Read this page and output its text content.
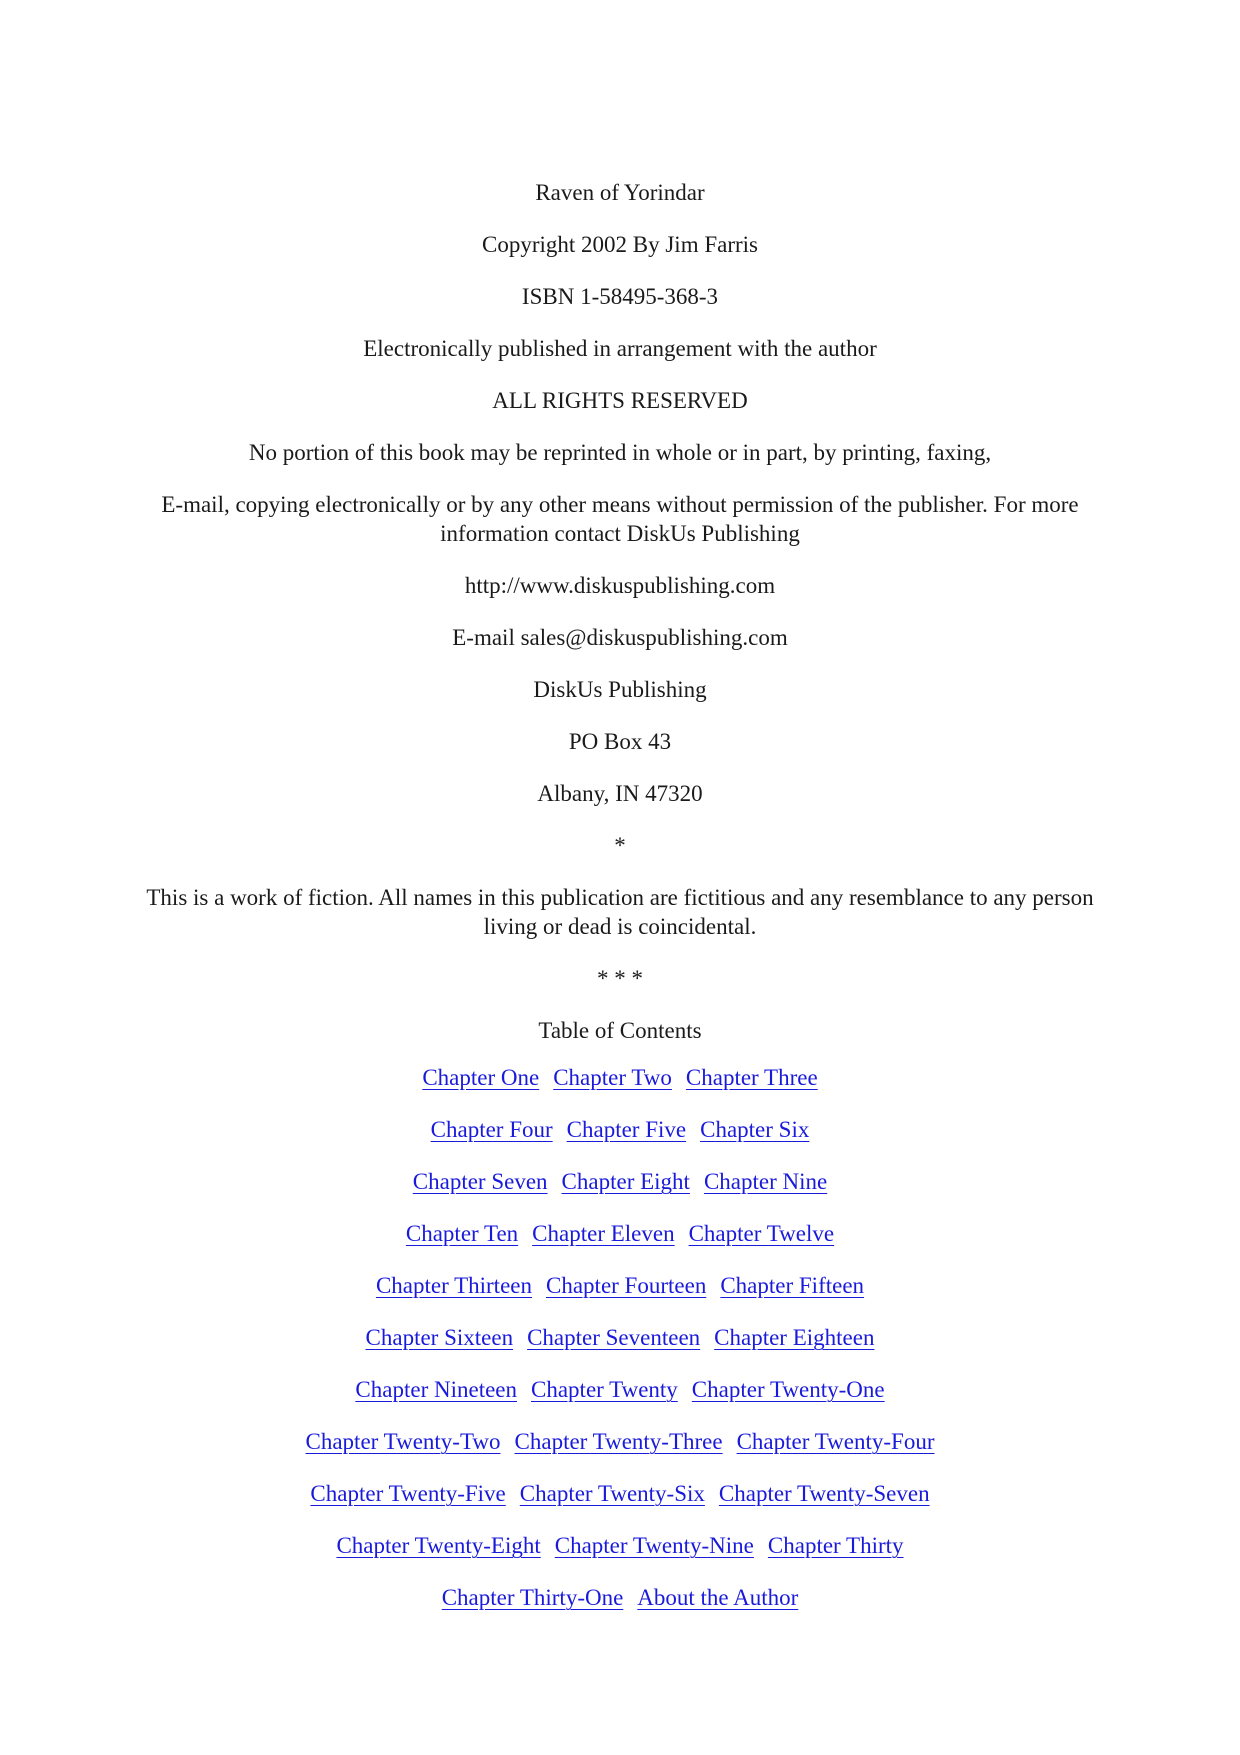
Raven of Yorindar

Copyright 2002 By Jim Farris

ISBN 1-58495-368-3

Electronically published in arrangement with the author

ALL RIGHTS RESERVED

No portion of this book may be reprinted in whole or in part, by printing, faxing,

E-mail, copying electronically or by any other means without permission of the publisher. For more information contact DiskUs Publishing

http://www.diskuspublishing.com

E-mail sales@diskuspublishing.com

DiskUs Publishing

PO Box 43

Albany, IN 47320

*

This is a work of fiction. All names in this publication are fictitious and any resemblance to any person living or dead is coincidental.

* * *

Table of Contents

Chapter One Chapter Two Chapter Three
Chapter Four Chapter Five Chapter Six
Chapter Seven Chapter Eight Chapter Nine
Chapter Ten Chapter Eleven Chapter Twelve
Chapter Thirteen Chapter Fourteen Chapter Fifteen
Chapter Sixteen Chapter Seventeen Chapter Eighteen
Chapter Nineteen Chapter Twenty Chapter Twenty-One
Chapter Twenty-Two Chapter Twenty-Three Chapter Twenty-Four
Chapter Twenty-Five Chapter Twenty-Six Chapter Twenty-Seven
Chapter Twenty-Eight Chapter Twenty-Nine Chapter Thirty
Chapter Thirty-One About the Author
